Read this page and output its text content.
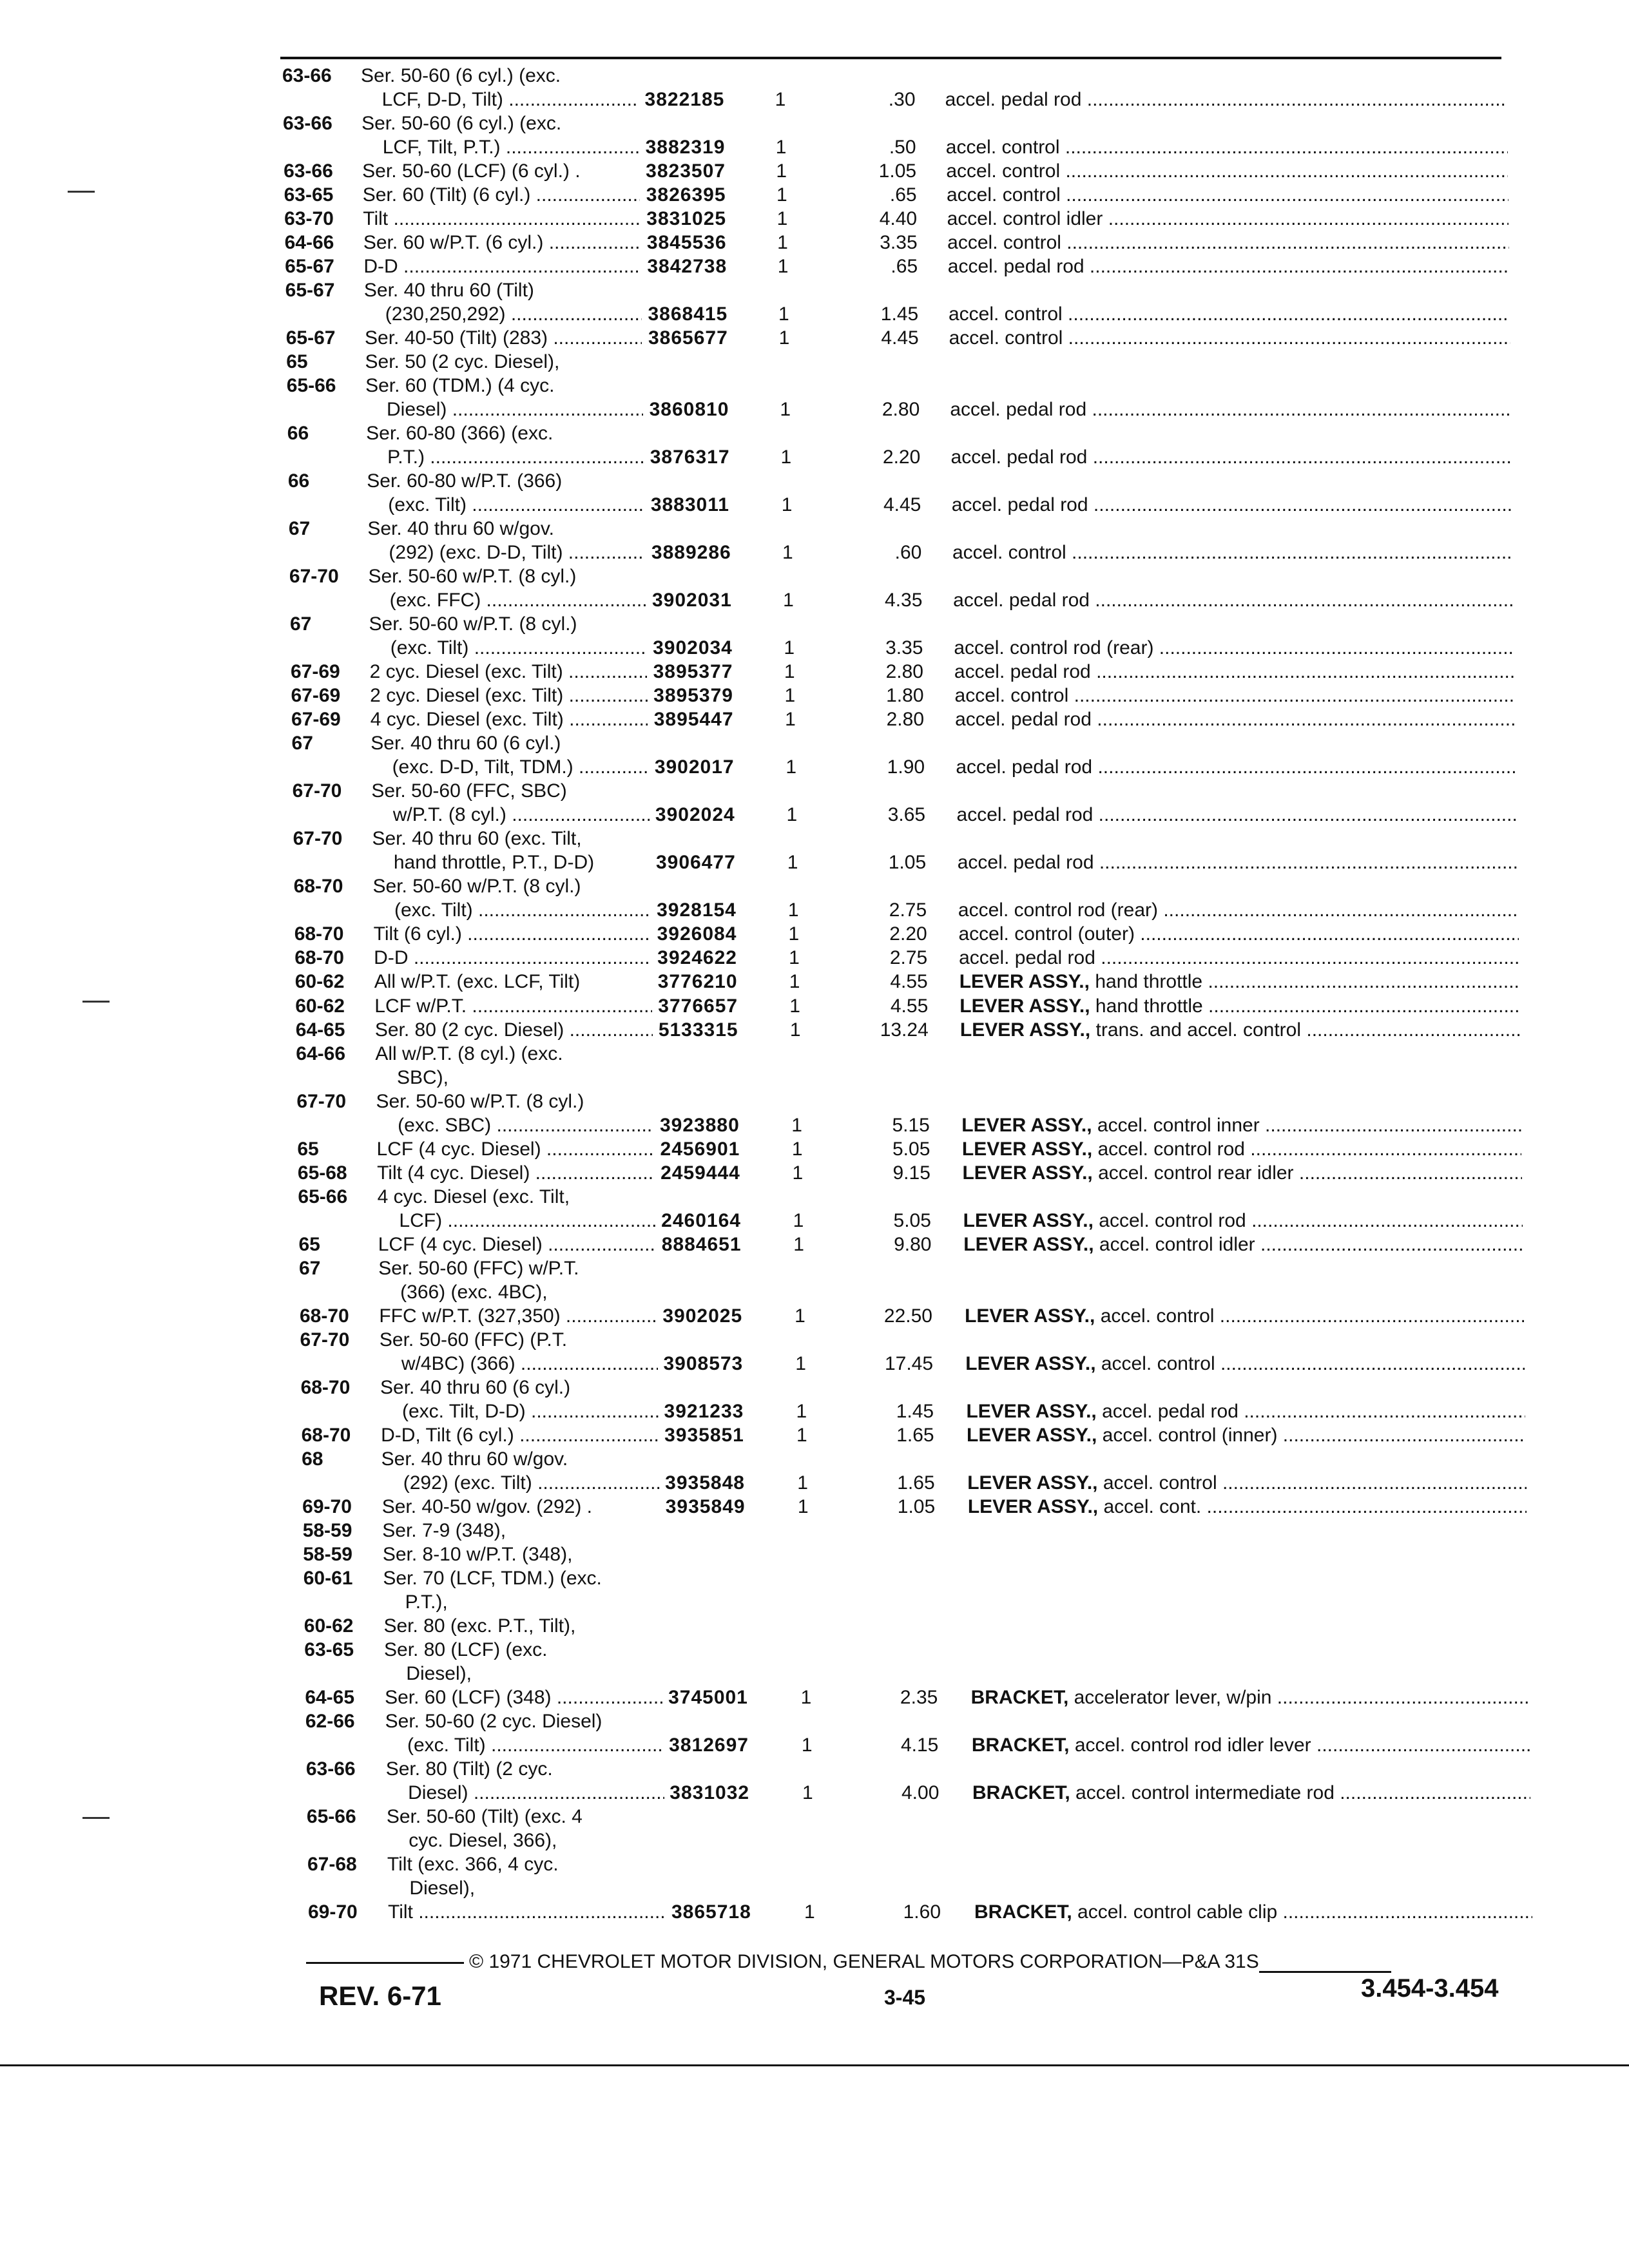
63-66 Ser. 50-60 (6 cyl.) (exc.
LCF, D-D, Tilt) .....	3822185	1	.30 accel. pedal rod .....
63-66 Ser. 50-60 (6 cyl.) (exc.
LCF, Tilt, P.T.) .....	3882319	1	.50 accel. control .....
63-66 Ser. 50-60 (LCF) (6 cyl.) .	3823507	1	1.05 accel. control .....
63-65 Ser. 60 (Tilt) (6 cyl.) .....	3826395	1	.65 accel. control .....
63-70 Tilt .....	3831025	1	4.40 accel. control idler .....
64-66 Ser. 60 w/P.T. (6 cyl.) .....	3845536	1	3.35 accel. control .....
65-67 D-D .....	3842738	1	.65 accel. pedal rod .....
65-67 Ser. 40 thru 60 (Tilt)
(230,250,292) .....	3868415	1	1.45 accel. control .....
65-67 Ser. 40-50 (Tilt) (283) .....	3865677	1	4.45 accel. control .....
65	Ser. 50 (2 cyc. Diesel),
65-66 Ser. 60 (TDM.) (4 cyc.
Diesel) .....	3860810	1	2.80 accel. pedal rod .....
66	Ser. 60-80 (366) (exc.
P.T.) .....	3876317	1	2.20 accel. pedal rod .....
66	Ser. 60-80 w/P.T. (366)
(exc. Tilt) .....	3883011	1	4.45 accel. pedal rod .....
67	Ser. 40 thru 60 w/gov.
(292) (exc. D-D, Tilt) .....	3889286	1	.60 accel. control .....
67-70 Ser. 50-60 w/P.T. (8 cyl.)
(exc. FFC) .....	3902031	1	4.35 accel. pedal rod .....
67	Ser. 50-60 w/P.T. (8 cyl.)
(exc. Tilt) .....	3902034	1	3.35 accel. control rod (rear) .....
67-69 2 cyc. Diesel (exc. Tilt) .....	3895377	1	2.80 accel. pedal rod .....
67-69 2 cyc. Diesel (exc. Tilt) .....	3895379	1	1.80 accel. control .....
67-69 4 cyc. Diesel (exc. Tilt) .....	3895447	1	2.80 accel. pedal rod .....
67	Ser. 40 thru 60 (6 cyl.)
(exc. D-D, Tilt, TDM.) .....	3902017	1	1.90 accel. pedal rod .....
67-70 Ser. 50-60 (FFC, SBC)
w/P.T. (8 cyl.) .....	3902024	1	3.65 accel. pedal rod .....
67-70 Ser. 40 thru 60 (exc. Tilt,
hand throttle, P.T., D-D)	3906477	1	1.05 accel. pedal rod .....
68-70 Ser. 50-60 w/P.T. (8 cyl.)
(exc. Tilt) .....	3928154	1	2.75 accel. control rod (rear) .....
68-70 Tilt (6 cyl.) .....	3926084	1	2.20 accel. control (outer) .....
68-70 D-D .....	3924622	1	2.75 accel. pedal rod .....
60-62 All w/P.T. (exc. LCF, Tilt)	3776210	1	4.55 LEVER ASSY., hand throttle .....
60-62 LCF w/P.T. .....	3776657	1	4.55 LEVER ASSY., hand throttle .....
64-65 Ser. 80 (2 cyc. Diesel) .....	5133315	1	13.24 LEVER ASSY., trans. and accel. control .....
64-66 All w/P.T. (8 cyl.) (exc.
SBC),
67-70 Ser. 50-60 w/P.T. (8 cyl.)
(exc. SBC) .....	3923880	1	5.15 LEVER ASSY., accel. control inner .....
65	LCF (4 cyc. Diesel) .....	2456901	1	5.05 LEVER ASSY., accel. control rod .....
65-68 Tilt (4 cyc. Diesel) .....	2459444	1	9.15 LEVER ASSY., accel. control rear idler .....
65-66 4 cyc. Diesel (exc. Tilt,
LCF) .....	2460164	1	5.05 LEVER ASSY., accel. control rod .....
65	LCF (4 cyc. Diesel) .....	8884651	1	9.80 LEVER ASSY., accel. control idler .....
67	Ser. 50-60 (FFC) w/P.T.
(366) (exc. 4BC),
68-70 FFC w/P.T. (327,350) .....	3902025	1	22.50 LEVER ASSY., accel. control .....
67-70 Ser. 50-60 (FFC) (P.T.
w/4BC) (366) .....	3908573	1	17.45 LEVER ASSY., accel. control .....
68-70 Ser. 40 thru 60 (6 cyl.)
(exc. Tilt, D-D) .....	3921233	1	1.45 LEVER ASSY., accel. pedal rod .....
68-70 D-D, Tilt (6 cyl.) .....	3935851	1	1.65 LEVER ASSY., accel. control (inner) .....
68	Ser. 40 thru 60 w/gov.
(292) (exc. Tilt) .....	3935848	1	1.65 LEVER ASSY., accel. control .....
69-70 Ser. 40-50 w/gov. (292) .	3935849	1	1.05 LEVER ASSY., accel. cont. .....
58-59 Ser. 7-9 (348),
58-59 Ser. 8-10 w/P.T. (348),
60-61 Ser. 70 (LCF, TDM.) (exc.
P.T.),
60-62 Ser. 80 (exc. P.T., Tilt),
63-65 Ser. 80 (LCF) (exc.
Diesel),
64-65 Ser. 60 (LCF) (348) .....	3745001	1	2.35 BRACKET, accelerator lever, w/pin .....
62-66 Ser. 50-60 (2 cyc. Diesel)
(exc. Tilt) .....	3812697	1	4.15 BRACKET, accel. control rod idler lever .....
63-66 Ser. 80 (Tilt) (2 cyc.
Diesel) .....	3831032	1	4.00 BRACKET, accel. control intermediate rod .....
65-66 Ser. 50-60 (Tilt) (exc. 4
cyc. Diesel, 366),
67-68 Tilt (exc. 366, 4 cyc.
Diesel),
69-70 Tilt .....	3865718	1	1.60 BRACKET, accel. control cable clip .....
© 1971 CHEVROLET MOTOR DIVISION, GENERAL MOTORS CORPORATION—P&A 31S
REV. 6-71	3-45	3.454-3.454
